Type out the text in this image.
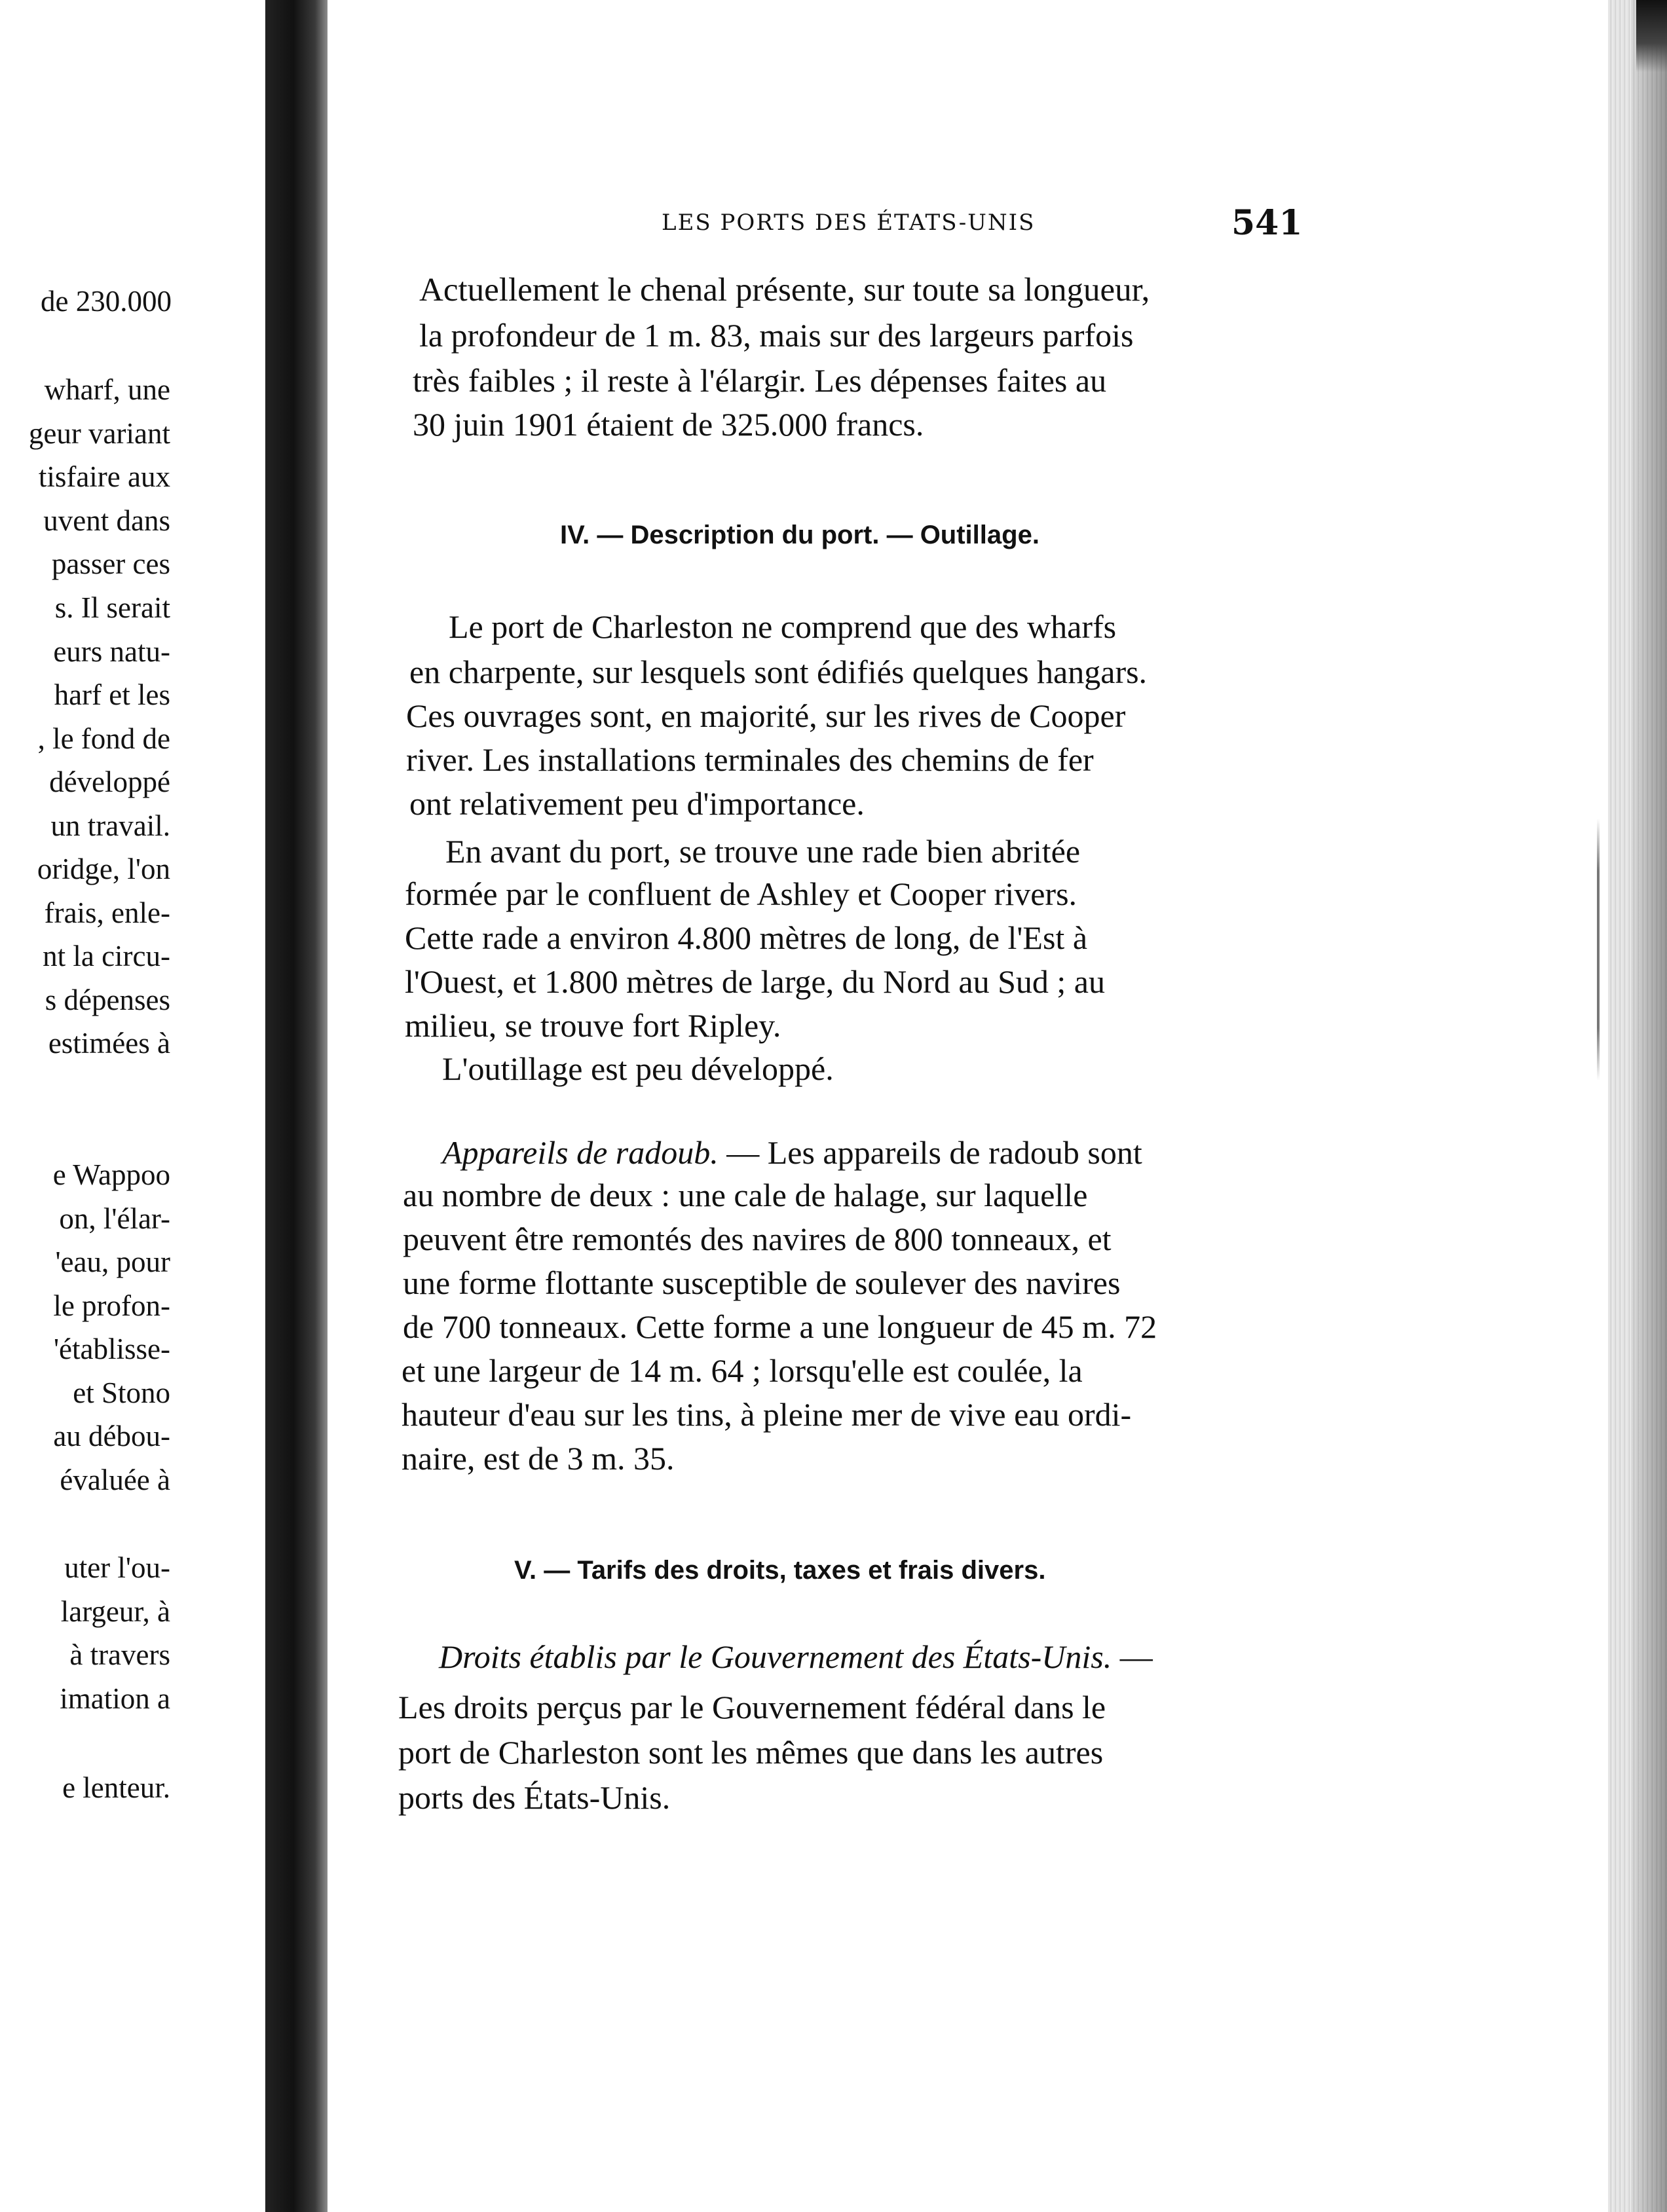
de 230.000
wharf, une
geur variant
tisfaire aux
uvent dans
passer ces
s. Il serait
eurs natu-
harf et les
, le fond de
développé
un travail.
oridge, l'on
frais, enle-
nt la circu-
s dépenses
estimées à
e Wappoo
on, l'élar-
'eau, pour
le profon-
'établisse-
et Stono
au débou-
évaluée à
uter l'ou-
largeur, à
à travers
imation a
e lenteur.
LES PORTS DES ÉTATS-UNIS	541
Actuellement le chenal présente, sur toute sa longueur,
la profondeur de 1 m. 83, mais sur des largeurs parfois
très faibles ; il reste à l'élargir. Les dépenses faites au
30 juin 1901 étaient de 325.000 francs.
IV. — Description du port. — Outillage.
Le port de Charleston ne comprend que des wharfs
en charpente, sur lesquels sont édifiés quelques hangars.
Ces ouvrages sont, en majorité, sur les rives de Cooper
river. Les installations terminales des chemins de fer
ont relativement peu d'importance.
En avant du port, se trouve une rade bien abritée
formée par le confluent de Ashley et Cooper rivers.
Cette rade a environ 4.800 mètres de long, de l'Est à
l'Ouest, et 1.800 mètres de large, du Nord au Sud ; au
milieu, se trouve fort Ripley.
L'outillage est peu développé.
Appareils de radoub. — Les appareils de radoub sont
au nombre de deux : une cale de halage, sur laquelle
peuvent être remontés des navires de 800 tonneaux, et
une forme flottante susceptible de soulever des navires
de 700 tonneaux. Cette forme a une longueur de 45 m. 72
et une largeur de 14 m. 64 ; lorsqu'elle est coulée, la
hauteur d'eau sur les tins, à pleine mer de vive eau ordi-
naire, est de 3 m. 35.
V. — Tarifs des droits, taxes et frais divers.
Droits établis par le Gouvernement des États-Unis. —
Les droits perçus par le Gouvernement fédéral dans le
port de Charleston sont les mêmes que dans les autres
ports des États-Unis.
